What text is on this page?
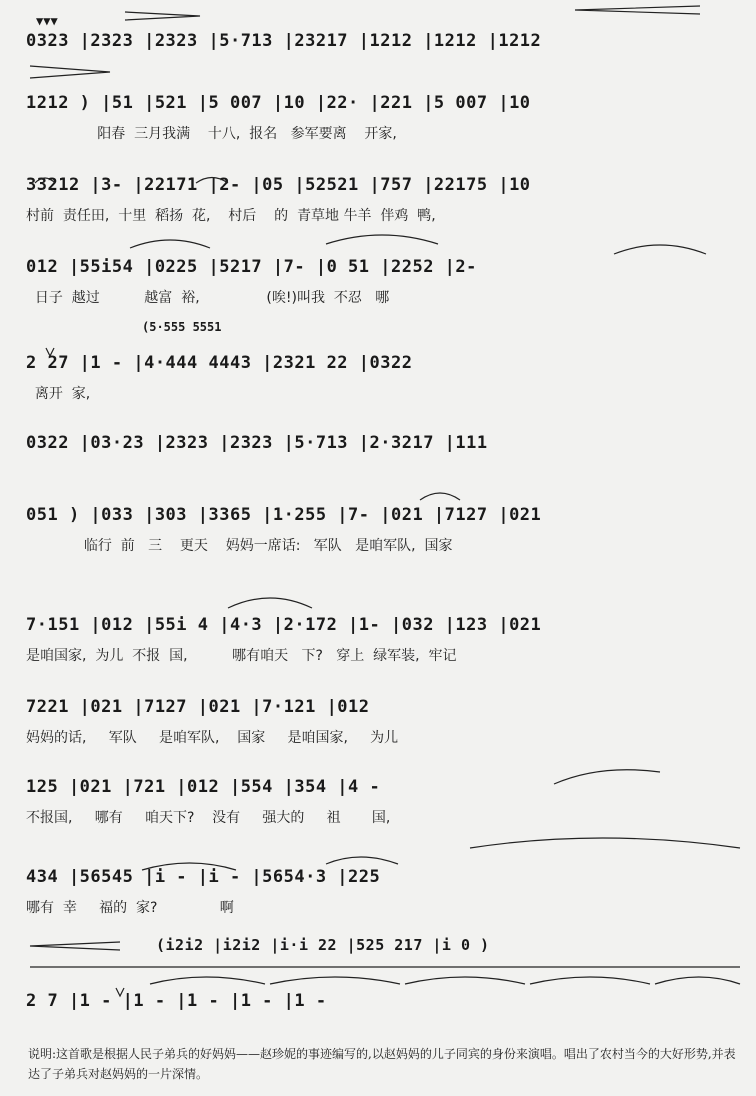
▼▼▼
0323 |2323 |2323 |5·713 |23217 |1212 |1212 |1212
1212 ) |51 |521 |5 007 |10 |22· |221 |5 007 |10
阳春  三月我满    十八,  报名   参军要离    开家,
33212 |3- |22171 |2- |05 |52521 |757 |22175 |10
村前  责任田,  十里  稻扬  花,    村后    的  青草地 牛羊  伴鸡  鸭,
012 |55i54 |0225 |5217 |7- |0 51 |2252 |2-
日子  越过          越富  裕,               (唉!)叫我  不忍   哪
(5·555 5551
2 27 |1 - |4·444 4443 |2321 22 |0322
离开  家,
0322 |03·23 |2323 |2323 |5·713 |2·3217 |111
051 ) |033 |303 |3365 |1·255 |7- |021 |7127 |021
临行  前   三    更天    妈妈一席话:   军队   是咱军队,  国家
7·151 |012 |55i 4 |4·3 |2·172 |1- |032 |123 |021
是咱国家,  为儿  不报  国,          哪有咱天   下?   穿上  绿军装,  牢记
7221 |021 |7127 |021 |7·121 |012
妈妈的话,     军队     是咱军队,    国家     是咱国家,     为儿
125 |021 |721 |012 |554 |354 |4 -
不报国,     哪有     咱天下?    没有     强大的     祖       国,
434 |56545 |i - |i - |5654·3 |225
哪有  幸     福的  家?              啊
(i2i2 |i2i2 |i·i 22 |525 217 |i 0 )
2 7 |1 - |1 - |1 - |1 - |1 -
说明:这首歌是根据人民子弟兵的好妈妈——赵珍妮的事迹编写的,以赵妈妈的儿子同宾的身份来演唱。唱出了农村当今的大好形势,并表达了子弟兵对赵妈妈的一片深情。
